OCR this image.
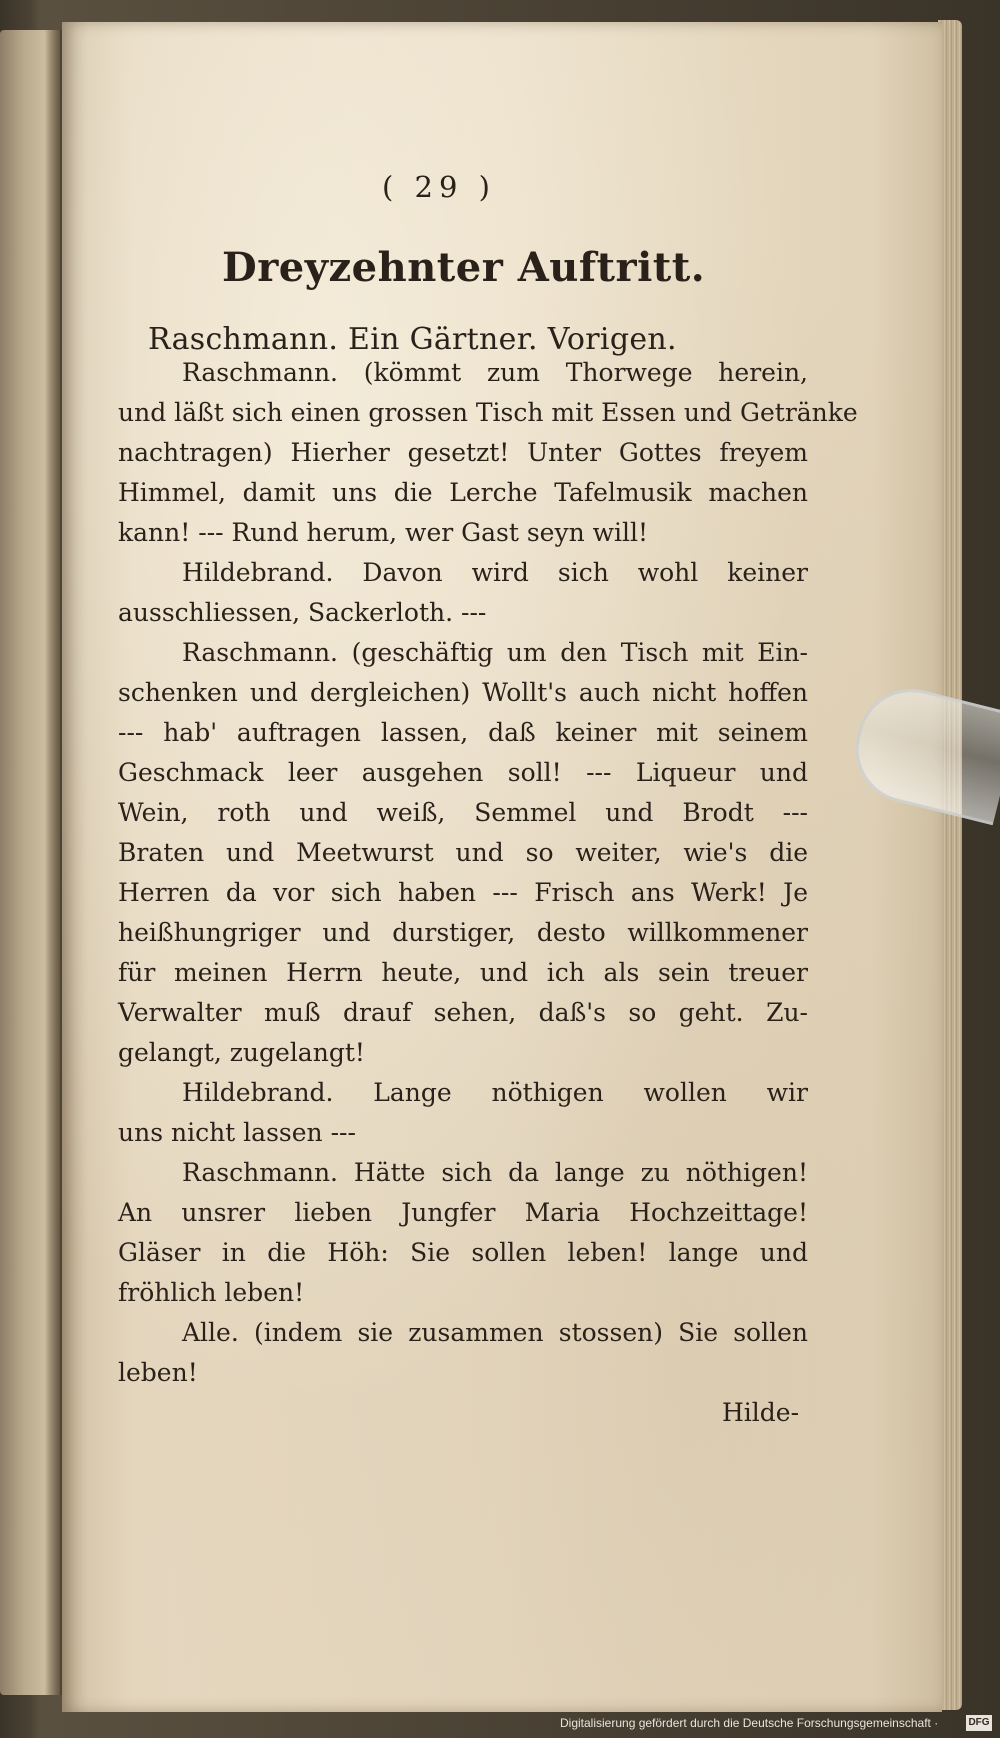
( 29 )

Dreyzehnter Auftritt.

Raschmann. Ein Gärtner. Vorigen.

Raschmann. (kömmt zum Thorwege herein,

und läßt sich einen grossen Tisch mit Essen und Getränke

nachtragen) Hierher gesetzt! Unter Gottes freyem

Himmel, damit uns die Lerche Tafelmusik machen

kann! --- Rund herum, wer Gast seyn will!

Hildebrand. Davon wird sich wohl keiner

ausschliessen, Sackerloth. ---

Raschmann. (geschäftig um den Tisch mit Ein-

schenken und dergleichen) Wollt's auch nicht hoffen

--- hab' auftragen lassen, daß keiner mit seinem

Geschmack leer ausgehen soll! --- Liqueur und

Wein, roth und weiß, Semmel und Brodt ---

Braten und Meetwurst und so weiter, wie's die

Herren da vor sich haben --- Frisch ans Werk! Je

heißhungriger und durstiger, desto willkommener

für meinen Herrn heute, und ich als sein treuer

Verwalter muß drauf sehen, daß's so geht. Zu-

gelangt, zugelangt!

Hildebrand. Lange nöthigen wollen wir

uns nicht lassen ---

Raschmann. Hätte sich da lange zu nöthigen!

An unsrer lieben Jungfer Maria Hochzeittage!

Gläser in die Höh: Sie sollen leben! lange und

fröhlich leben!

Alle. (indem sie zusammen stossen) Sie sollen

leben!

Hilde-

Digitalisierung gefördert durch die Deutsche Forschungsgemeinschaft ·	DFG
